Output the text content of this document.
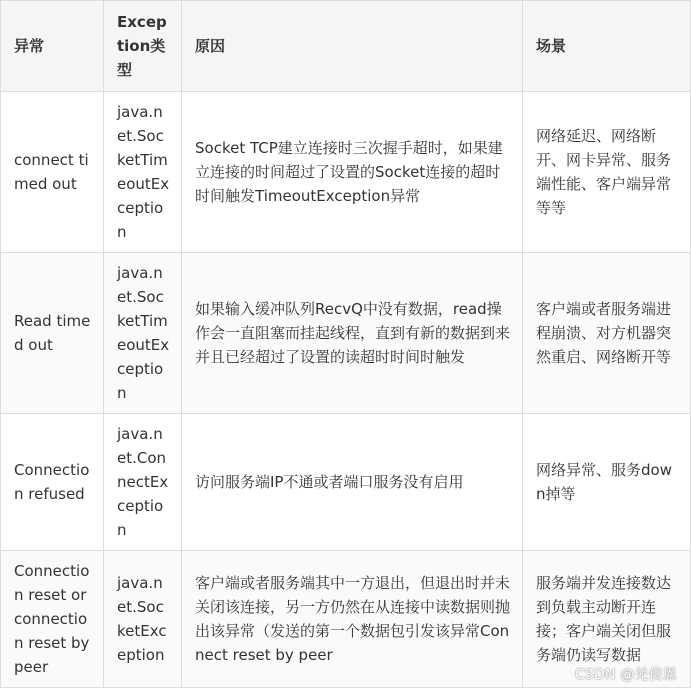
异常	Exception类型	原因	场景
connect timed out	java.net.SocketTimeoutException	Socket TCP建立连接时三次握手超时，如果建立连接的时间超过了设置的Socket连接的超时时间触发TimeoutException异常	网络延迟、网络断开、网卡异常、服务端性能、客户端异常等等
Read timed out	java.net.SocketTimeoutException	如果输入缓冲队列RecvQ中没有数据，read操作会一直阻塞而挂起线程，直到有新的数据到来并且已经超过了设置的读超时时间时触发	客户端或者服务端进程崩溃、对方机器突然重启、网络断开等
Connection refused	java.net.ConnectException	访问服务端IP不通或者端口服务没有启用	网络异常、服务down掉等
Connection reset or connection reset by peer	java.net.SocketException	客户端或者服务端其中一方退出，但退出时并未关闭该连接，另一方仍然在从连接中读数据则抛出该异常（发送的第一个数据包引发该异常Connect reset by peer	服务端并发连接数达到负载主动断开连接；客户端关闭但服务端仍读写数据
CSDN @羌俊恩
